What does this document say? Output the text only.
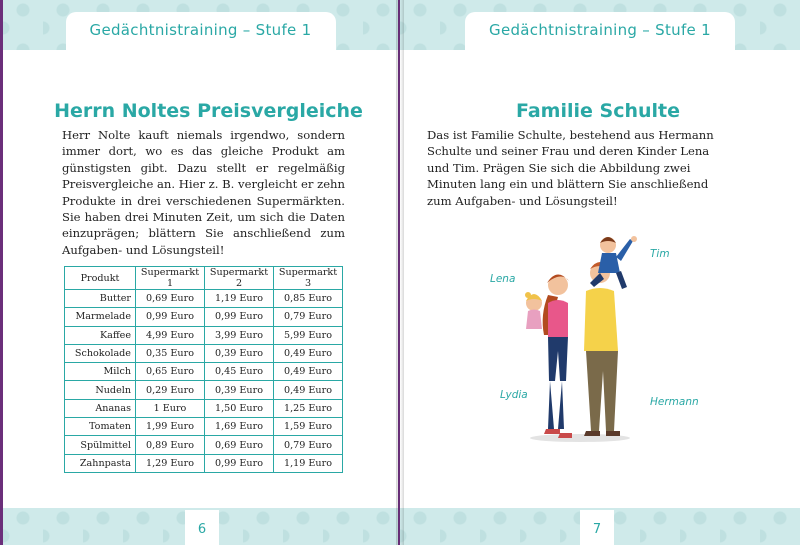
Gedächtnistraining – Stufe 1
Herrn Noltes Preisvergleiche
Herr Nolte kauft niemals irgendwo, sondern immer dort, wo es das gleiche Produkt am günstigsten gibt. Dazu stellt er regelmäßig Preisvergleiche an. Hier z. B. vergleicht er zehn Produkte in drei verschiedenen Supermärkten. Sie haben drei Minuten Zeit, um sich die Daten einzuprägen; blättern Sie anschließend zum Aufgaben- und Lösungsteil!
Produkt	Supermarkt 1	Supermarkt 2	Supermarkt 3
Butter	0,69 Euro	1,19 Euro	0,85 Euro
Marmelade	0,99 Euro	0,99 Euro	0,79 Euro
Kaffee	4,99 Euro	3,99 Euro	5,99 Euro
Schokolade	0,35 Euro	0,39 Euro	0,49 Euro
Milch	0,65 Euro	0,45 Euro	0,49 Euro
Nudeln	0,29 Euro	0,39 Euro	0,49 Euro
Ananas	1 Euro	1,50 Euro	1,25 Euro
Tomaten	1,99 Euro	1,69 Euro	1,59 Euro
Spülmittel	0,89 Euro	0,69 Euro	0,79 Euro
Zahnpasta	1,29 Euro	0,99 Euro	1,19 Euro
6
Gedächtnistraining – Stufe 1
Familie Schulte
Das ist Familie Schulte, bestehend aus Hermann Schulte und seiner Frau und deren Kinder Lena und Tim. Prägen Sie sich die Abbildung zwei Minuten lang ein und blättern Sie anschließend zum Aufgaben- und Lösungsteil!
7
Lena
Tim
Lydia
Hermann
